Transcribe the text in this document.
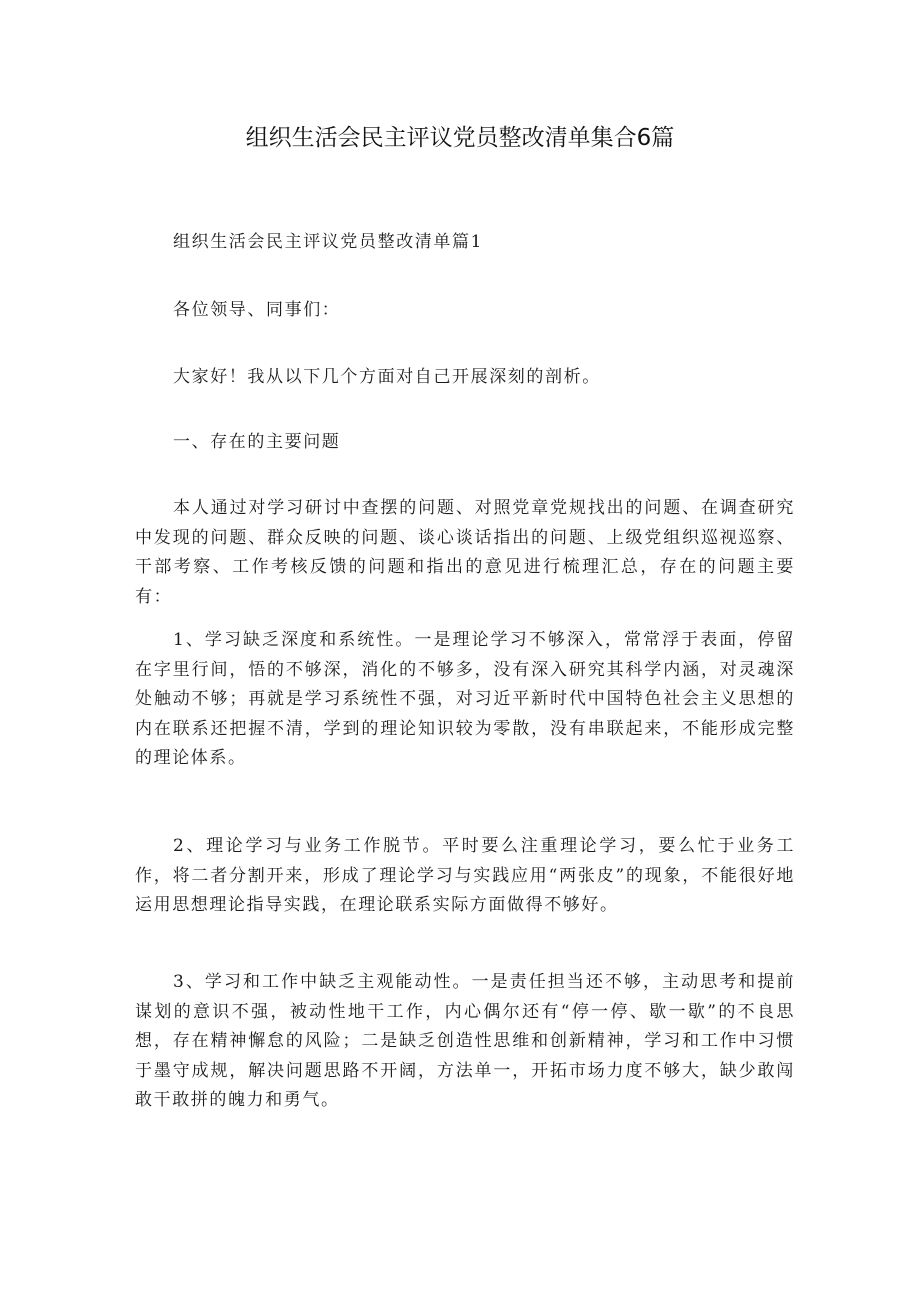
组织生活会民主评议党员整改清单集合6篇

组织生活会民主评议党员整改清单篇1

各位领导、同事们：

大家好！我从以下几个方面对自己开展深刻的剖析。

一、存在的主要问题

本人通过对学习研讨中查摆的问题、对照党章党规找出的问题、在调查研究中发现的问题、群众反映的问题、谈心谈话指出的问题、上级党组织巡视巡察、干部考察、工作考核反馈的问题和指出的意见进行梳理汇总，存在的问题主要有：

1、学习缺乏深度和系统性。一是理论学习不够深入，常常浮于表面，停留在字里行间，悟的不够深，消化的不够多，没有深入研究其科学内涵，对灵魂深处触动不够；再就是学习系统性不强，对习近平新时代中国特色社会主义思想的内在联系还把握不清，学到的理论知识较为零散，没有串联起来，不能形成完整的理论体系。

2、理论学习与业务工作脱节。平时要么注重理论学习，要么忙于业务工作，将二者分割开来，形成了理论学习与实践应用“两张皮”的现象，不能很好地运用思想理论指导实践，在理论联系实际方面做得不够好。

3、学习和工作中缺乏主观能动性。一是责任担当还不够，主动思考和提前谋划的意识不强，被动性地干工作，内心偶尔还有“停一停、歇一歇”的不良思想，存在精神懈怠的风险；二是缺乏创造性思维和创新精神，学习和工作中习惯于墨守成规，解决问题思路不开阔，方法单一，开拓市场力度不够大，缺少敢闯敢干敢拼的魄力和勇气。
